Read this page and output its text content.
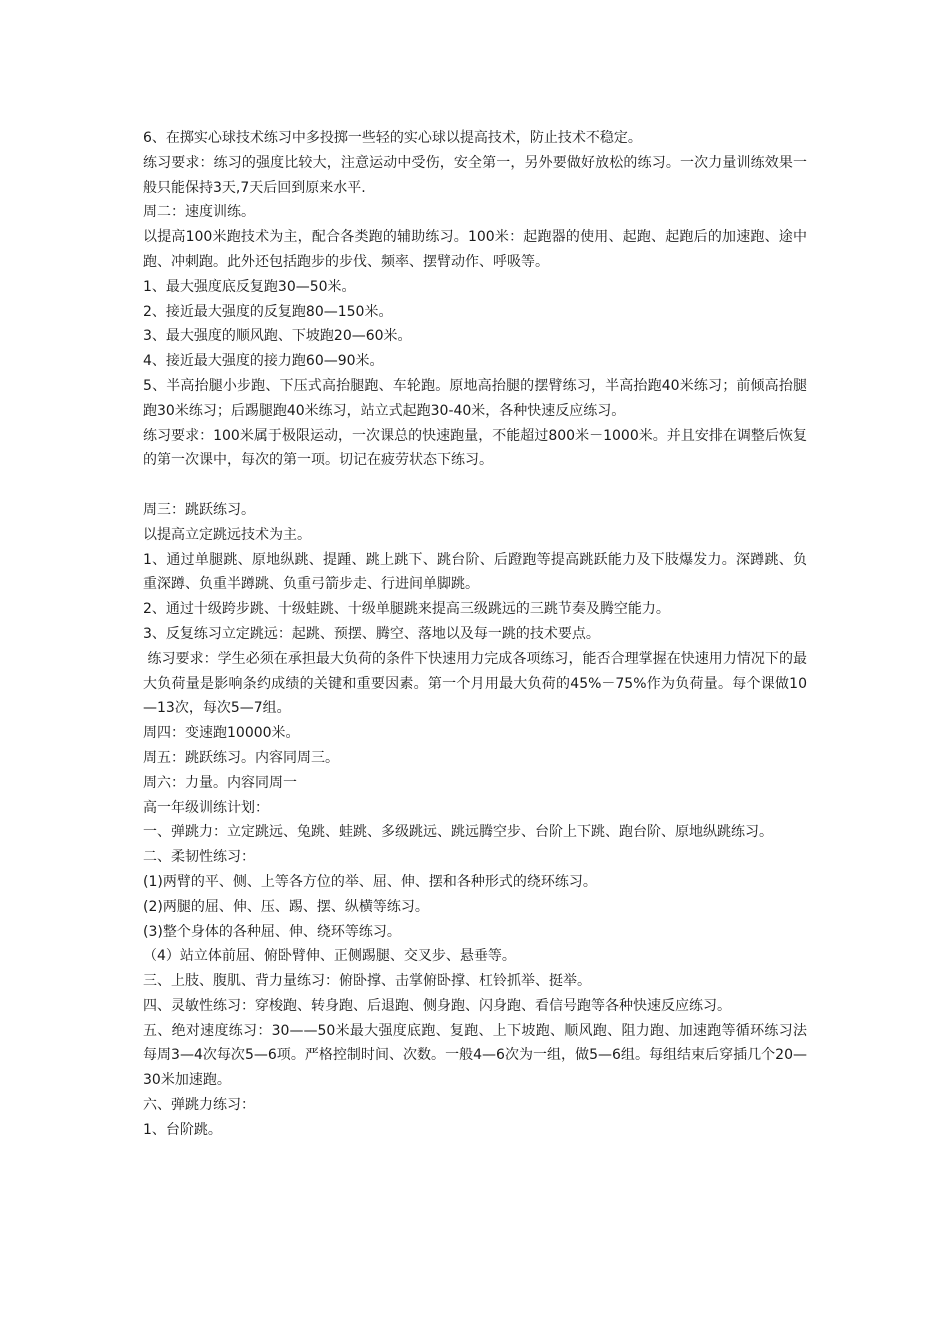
6、在掷实心球技术练习中多投掷一些轻的实心球以提高技术，防止技术不稳定。

练习要求：练习的强度比较大，注意运动中受伤，安全第一，另外要做好放松的练习。一次力量训练效果一般只能保持3天,7天后回到原来水平.

周二：速度训练。

以提高100米跑技术为主，配合各类跑的辅助练习。100米：起跑器的使用、起跑、起跑后的加速跑、途中跑、冲刺跑。此外还包括跑步的步伐、频率、摆臂动作、呼吸等。

1、最大强度底反复跑30—50米。

2、接近最大强度的反复跑80—150米。

3、最大强度的顺风跑、下坡跑20—60米。

4、接近最大强度的接力跑60—90米。

5、半高抬腿小步跑、下压式高抬腿跑、车轮跑。原地高抬腿的摆臂练习，半高抬跑40米练习；前倾高抬腿跑30米练习；后踢腿跑40米练习，站立式起跑30-40米，各种快速反应练习。

练习要求：100米属于极限运动，一次课总的快速跑量，不能超过800米－1000米。并且安排在调整后恢复的第一次课中，每次的第一项。切记在疲劳状态下练习。

周三：跳跃练习。

以提高立定跳远技术为主。

1、通过单腿跳、原地纵跳、提踵、跳上跳下、跳台阶、后蹬跑等提高跳跃能力及下肢爆发力。深蹲跳、负重深蹲、负重半蹲跳、负重弓箭步走、行进间单脚跳。

2、通过十级跨步跳、十级蛙跳、十级单腿跳来提高三级跳远的三跳节奏及腾空能力。

3、反复练习立定跳远：起跳、预摆、腾空、落地以及每一跳的技术要点。

练习要求：学生必须在承担最大负荷的条件下快速用力完成各项练习，能否合理掌握在快速用力情况下的最大负荷量是影响条约成绩的关键和重要因素。第一个月用最大负荷的45%－75%作为负荷量。每个课做10—13次，每次5—7组。

周四：变速跑10000米。

周五：跳跃练习。内容同周三。

周六：力量。内容同周一

高一年级训练计划：

一、弹跳力：立定跳远、兔跳、蛙跳、多级跳远、跳远腾空步、台阶上下跳、跑台阶、原地纵跳练习。

二、柔韧性练习：

(1)两臂的平、侧、上等各方位的举、屈、伸、摆和各种形式的绕环练习。

(2)两腿的屈、伸、压、踢、摆、纵横等练习。

(3)整个身体的各种屈、伸、绕环等练习。

（4）站立体前屈、俯卧臂伸、正侧踢腿、交叉步、悬垂等。

三、上肢、腹肌、背力量练习：俯卧撑、击掌俯卧撑、杠铃抓举、挺举。

四、灵敏性练习：穿梭跑、转身跑、后退跑、侧身跑、闪身跑、看信号跑等各种快速反应练习。

五、绝对速度练习：30——50米最大强度底跑、复跑、上下坡跑、顺风跑、阻力跑、加速跑等循环练习法每周3—4次每次5—6项。严格控制时间、次数。一般4—6次为一组，做5—6组。每组结束后穿插几个20—30米加速跑。

六、弹跳力练习：

1、台阶跳。
